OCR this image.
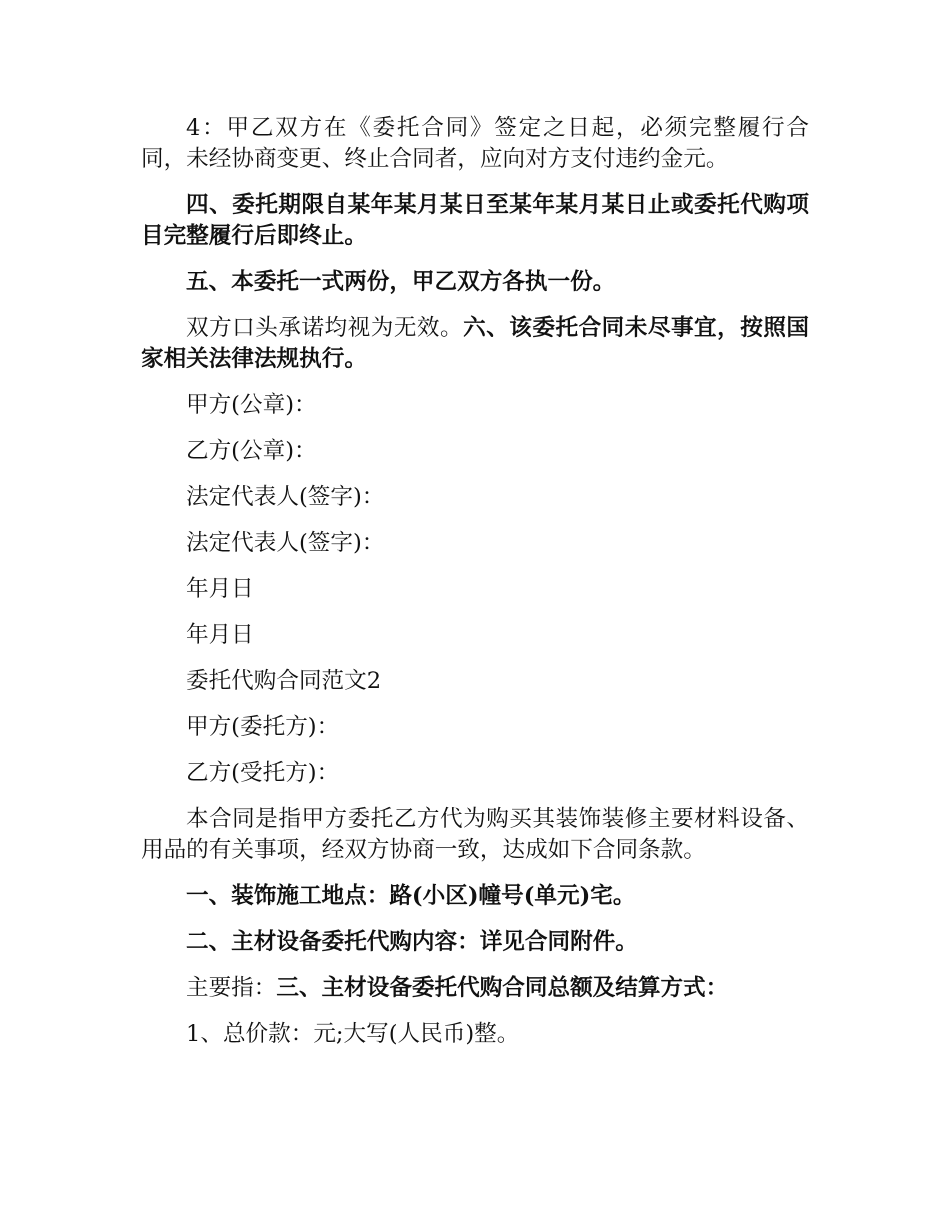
4：甲乙双方在《委托合同》签定之日起，必须完整履行合同，未经协商变更、终止合同者，应向对方支付违约金元。

四、委托期限自某年某月某日至某年某月某日止或委托代购项目完整履行后即终止。

五、本委托一式两份，甲乙双方各执一份。

双方口头承诺均视为无效。六、该委托合同未尽事宜，按照国家相关法律法规执行。

甲方(公章)：

乙方(公章)：

法定代表人(签字)：

法定代表人(签字)：

年月日

年月日

委托代购合同范文2

甲方(委托方)：

乙方(受托方)：

本合同是指甲方委托乙方代为购买其装饰装修主要材料设备、用品的有关事项，经双方协商一致，达成如下合同条款。

一、装饰施工地点：路(小区)幢号(单元)宅。

二、主材设备委托代购内容：详见合同附件。

主要指：三、主材设备委托代购合同总额及结算方式：

1、总价款：元;大写(人民币)整。
